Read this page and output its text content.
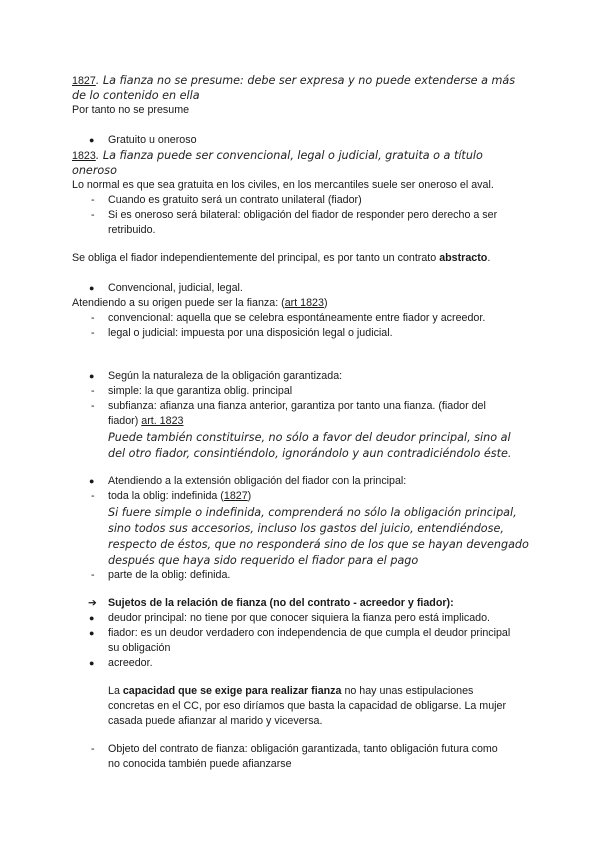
1827. La fianza no se presume: debe ser expresa y no puede extenderse a más
de lo contenido en ella
Por tanto no se presume
● Gratuito u oneroso
1823. La fianza puede ser convencional, legal o judicial, gratuita o a título
oneroso
Lo normal es que sea gratuita en los civiles, en los mercantiles suele ser oneroso el aval.
- Cuando es gratuito será un contrato unilateral (fiador)
- Si es oneroso será bilateral: obligación del fiador de responder pero derecho a ser
retribuido.
Se obliga el fiador independientemente del principal, es por tanto un contrato abstracto.
● Convencional, judicial, legal.
Atendiendo a su origen puede ser la fianza: (art 1823)
- convencional: aquella que se celebra espontáneamente entre fiador y acreedor.
- legal o judicial: impuesta por una disposición legal o judicial.
● Según la naturaleza de la obligación garantizada:
- simple: la que garantiza oblig. principal
- subfianza: afianza una fianza anterior, garantiza por tanto una fianza. (fiador del
fiador) art. 1823
Puede también constituirse, no sólo a favor del deudor principal, sino al
del otro fiador, consintiéndolo, ignorándolo y aun contradiciéndolo éste.
● Atendiendo a la extensión obligación del fiador con la principal:
- toda la oblig: indefinida (1827)
Si fuere simple o indefinida, comprenderá no sólo la obligación principal,
sino todos sus accesorios, incluso los gastos del juicio, entendiéndose,
respecto de éstos, que no responderá sino de los que se hayan devengado
después que haya sido requerido el fiador para el pago
- parte de la oblig: definida.
➔ Sujetos de la relación de fianza (no del contrato - acreedor y fiador):
● deudor principal: no tiene por que conocer siquiera la fianza pero está implicado.
● fiador: es un deudor verdadero con independencia de que cumpla el deudor principal
su obligación
● acreedor.
La capacidad que se exige para realizar fianza no hay unas estipulaciones
concretas en el CC, por eso diríamos que basta la capacidad de obligarse. La mujer
casada puede afianzar al marido y viceversa.
- Objeto del contrato de fianza: obligación garantizada, tanto obligación futura como
no conocida también puede afianzarse
